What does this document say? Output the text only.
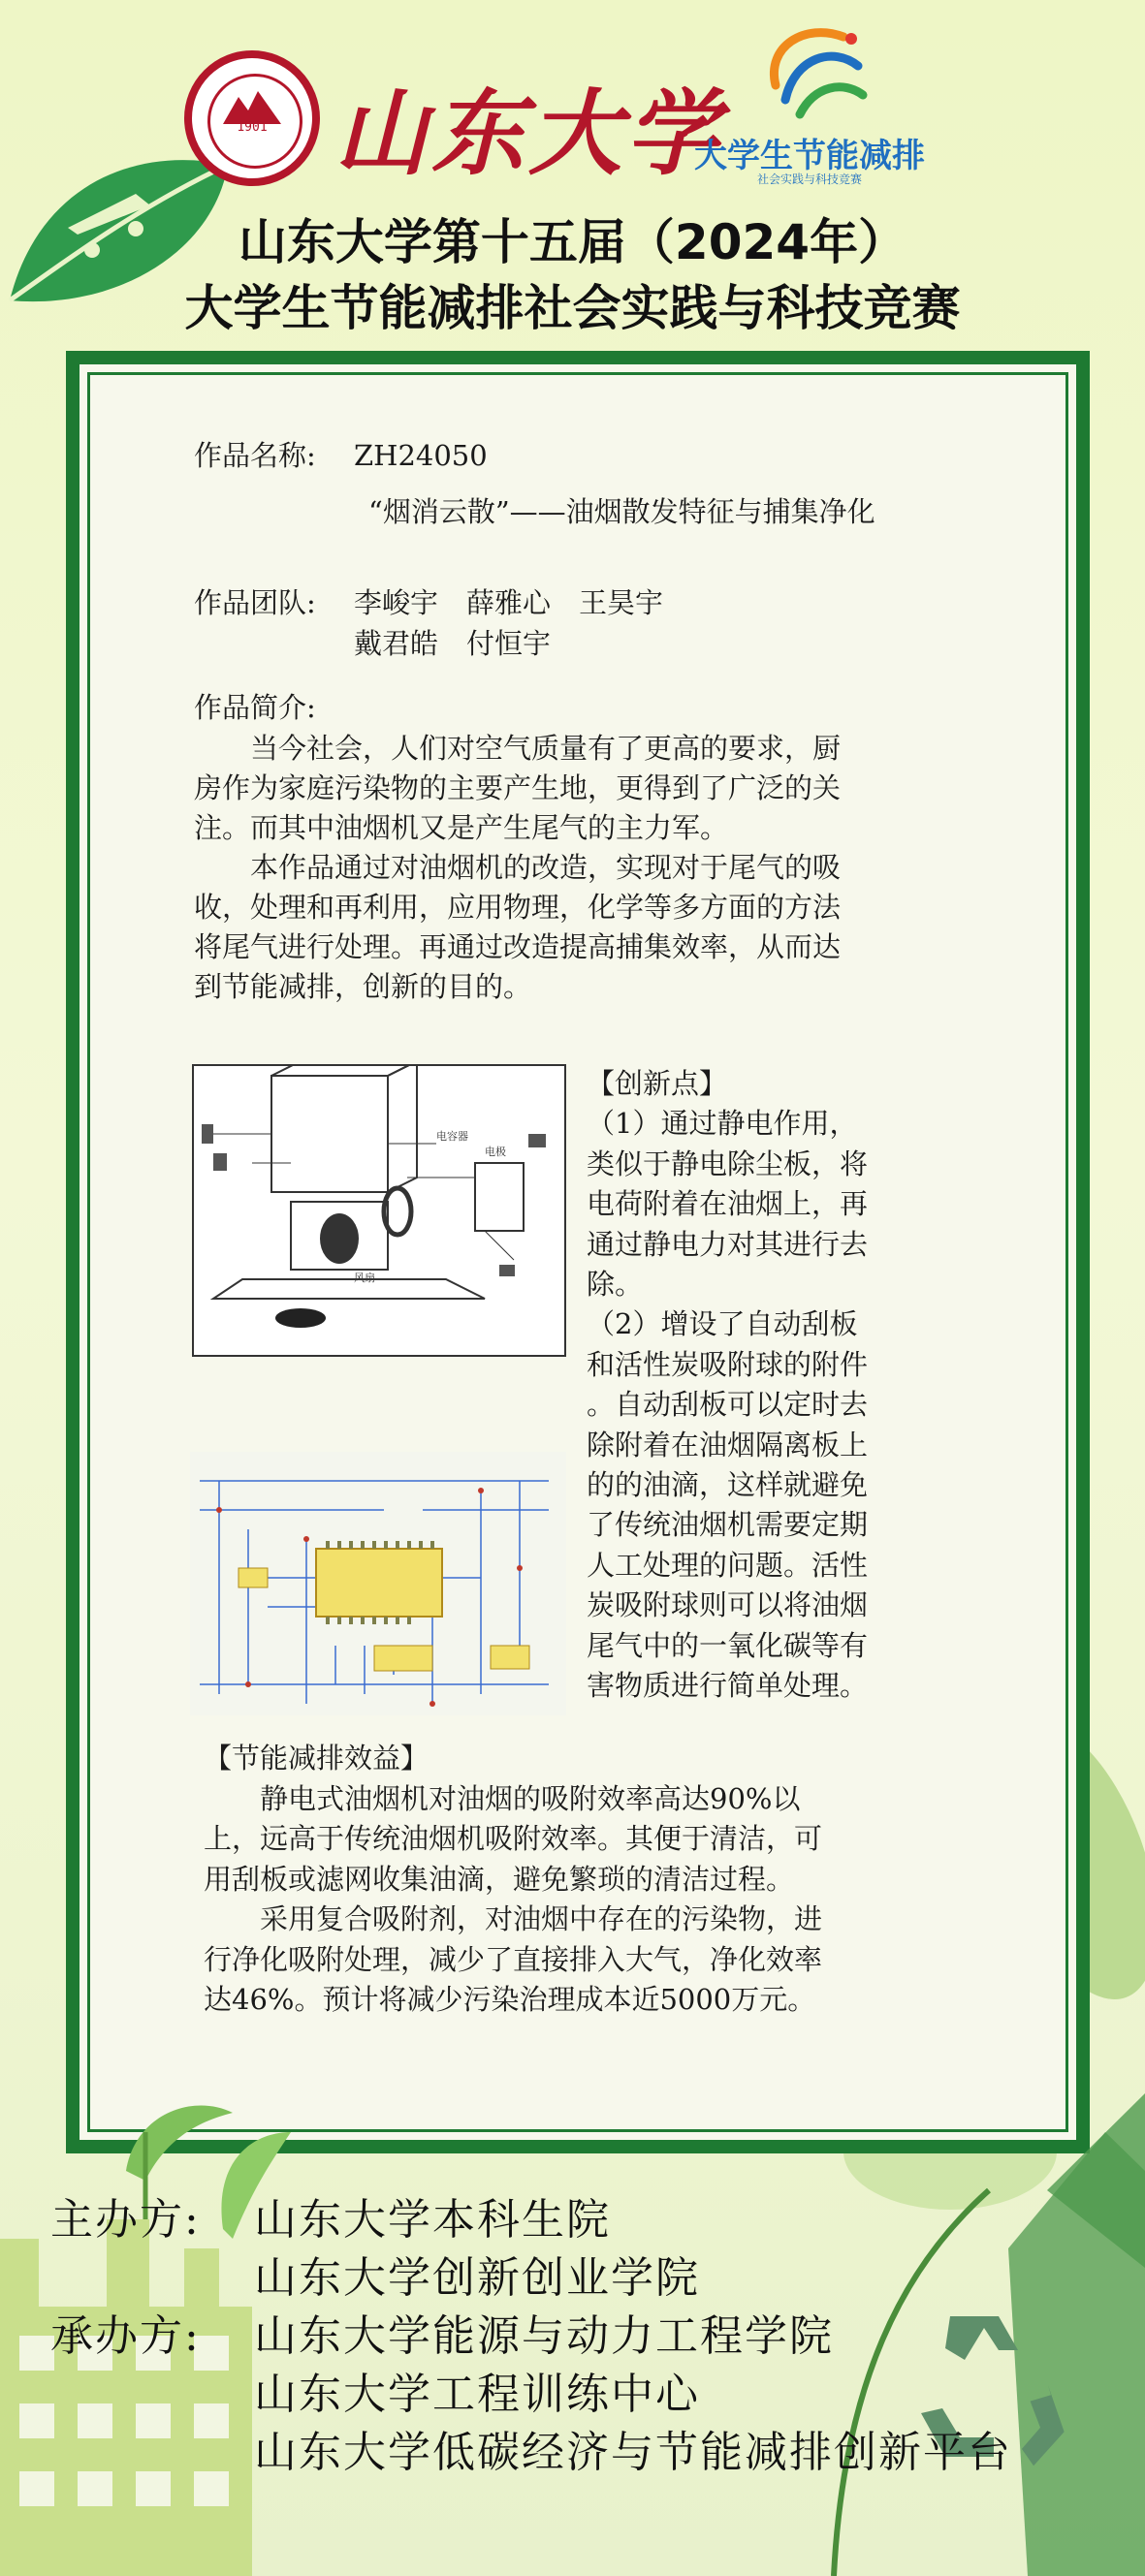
1901 山东大学
大学生节能减排
社会实践与科技竞赛
山东大学第十五届（2024年）
大学生节能减排社会实践与科技竞赛
作品名称: ZH24050
“烟消云散”——油烟散发特征与捕集净化
作品团队: 李峻宇　薛雅心　王昊宇
戴君皓　付恒宇
作品简介:
　　当今社会，人们对空气质量有了更高的要求，厨
房作为家庭污染物的主要产生地，更得到了广泛的关
注。而其中油烟机又是产生尾气的主力军。
　　本作品通过对油烟机的改造，实现对于尾气的吸
收，处理和再利用，应用物理，化学等多方面的方法
将尾气进行处理。再通过改造提高捕集效率，从而达
到节能减排，创新的目的。
电容器
电极
风扇
【创新点】
（1）通过静电作用，
类似于静电除尘板，将
电荷附着在油烟上，再
通过静电力对其进行去
除。
（2）增设了自动刮板
和活性炭吸附球的附件
。自动刮板可以定时去
除附着在油烟隔离板上
的的油滴，这样就避免
了传统油烟机需要定期
人工处理的问题。活性
炭吸附球则可以将油烟
尾气中的一氧化碳等有
害物质进行简单处理。
【节能减排效益】
　　静电式油烟机对油烟的吸附效率高达90%以
上，远高于传统油烟机吸附效率。其便于清洁，可
用刮板或滤网收集油滴，避免繁琐的清洁过程。
　　采用复合吸附剂，对油烟中存在的污染物，进
行净化吸附处理，减少了直接排入大气，净化效率
达46%。预计将减少污染治理成本近5000万元。
主办方: 山东大学本科生院
山东大学创新创业学院
承办方: 山东大学能源与动力工程学院
山东大学工程训练中心
山东大学低碳经济与节能减排创新平台
